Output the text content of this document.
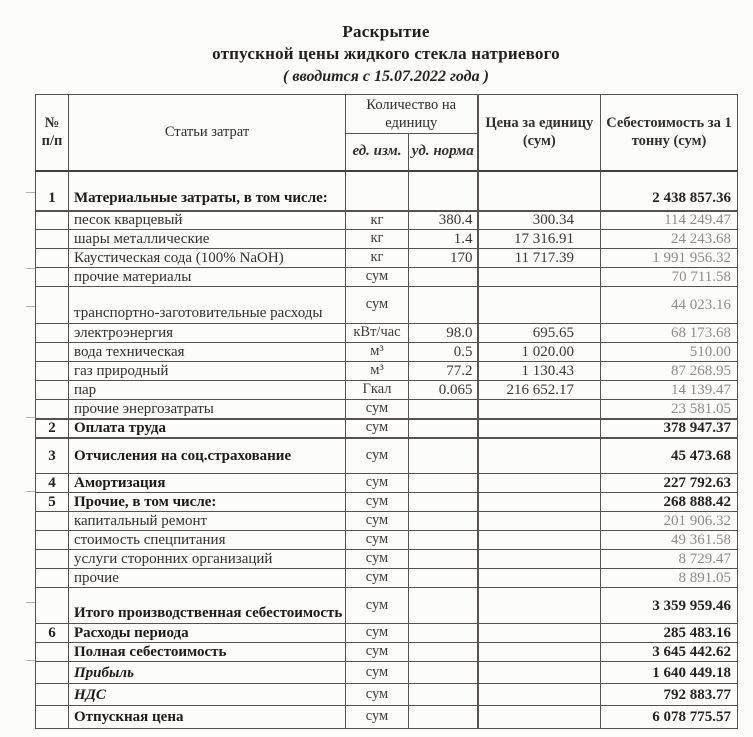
Раскрытие
отпускной цены жидкого стекла натриевого
( вводится с 15.07.2022 года )
№ п/п	Статьи затрат	Количество на единицу		Цена за единицу (сум)	Себестоимость за 1 тонну (сум)
		ед. изм.	уд. норма		
1	Материальные затраты, в том числе:				2 438 857.36
	песок кварцевый	кг	380.4	300.34	114 249.47
	шары металлические	кг	1.4	17 316.91	24 243.68
	Каустическая сода (100% NaOH)	кг	170	11 717.39	1 991 956.32
	прочие материалы	сум			70 711.58
	транспортно-заготовительные расходы	сум			44 023.16
	электроэнергия	кВт/час	98.0	695.65	68 173.68
	вода техническая	м³	0.5	1 020.00	510.00
	газ природный	м³	77.2	1 130.43	87 268.95
	пар	Гкал	0.065	216 652.17	14 139.47
	прочие энергозатраты	сум			23 581.05
2	Оплата труда	сум			378 947.37
3	Отчисления на соц.страхование	сум			45 473.68
4	Амортизация	сум			227 792.63
5	Прочие, в том числе:	сум			268 888.42
	капитальный ремонт	сум			201 906.32
	стоимость спецпитания	сум			49 361.58
	услуги сторонних организаций	сум			8 729.47
	прочие	сум			8 891.05
	Итого производственная себестоимость	сум			3 359 959.46
6	Расходы периода	сум			285 483.16
	Полная себестоимость	сум			3 645 442.62
	Прибыль	сум			1 640 449.18
	НДС	сум			792 883.77
	Отпускная цена	сум			6 078 775.57
